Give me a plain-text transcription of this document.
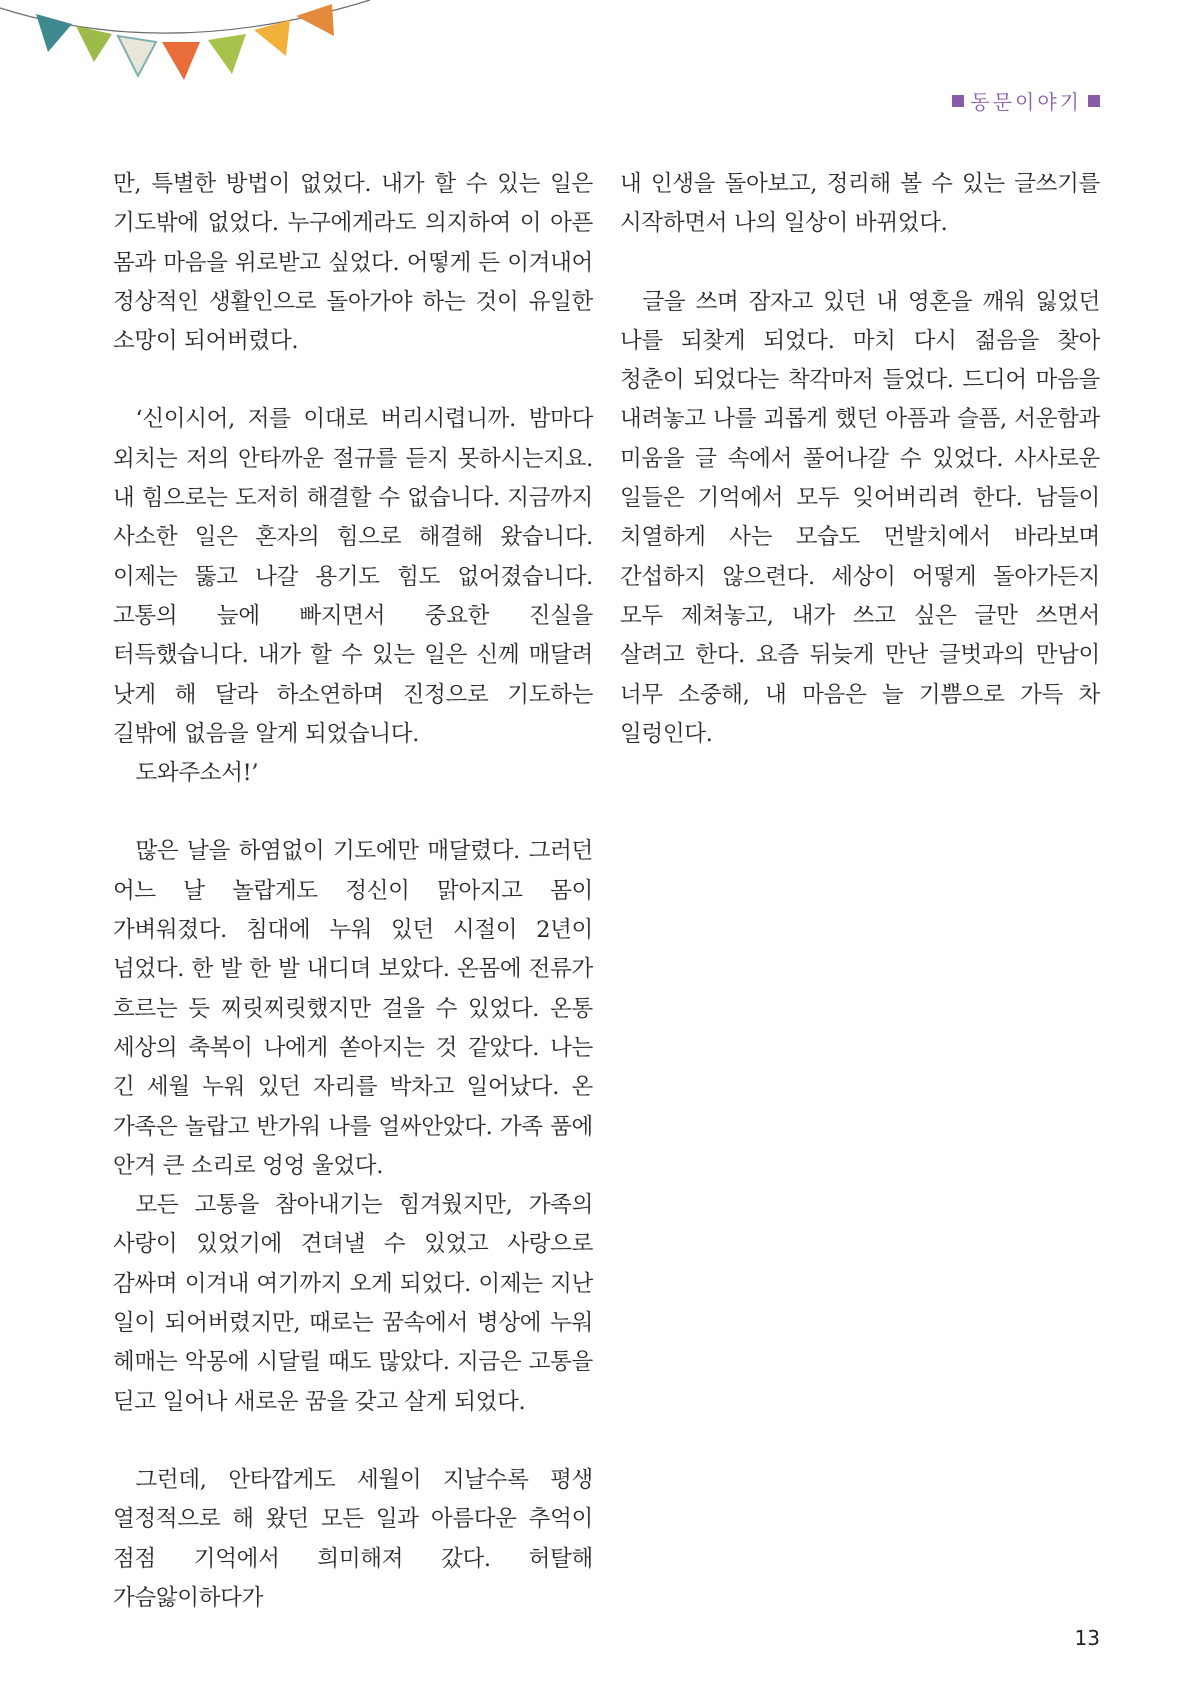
동문이야기

만, 특별한 방법이 없었다. 내가 할 수 있는 일은 기도밖에 없었다. 누구에게라도 의지하여 이 아픈 몸과 마음을 위로받고 싶었다. 어떻게 든 이겨내어 정상적인 생활인으로 돌아가야 하는 것이 유일한 소망이 되어버렸다.

‘신이시어, 저를 이대로 버리시렵니까. 밤마다 외치는 저의 안타까운 절규를 듣지 못하시는지요. 내 힘으로는 도저히 해결할 수 없습니다. 지금까지 사소한 일은 혼자의 힘으로 해결해 왔습니다. 이제는 뚫고 나갈 용기도 힘도 없어졌습니다. 고통의 늪에 빠지면서 중요한 진실을 터득했습니다. 내가 할 수 있는 일은 신께 매달려 낫게 해 달라 하소연하며 진정으로 기도하는 길밖에 없음을 알게 되었습니다.

도와주소서!’

많은 날을 하염없이 기도에만 매달렸다. 그러던 어느 날 놀랍게도 정신이 맑아지고 몸이 가벼워졌다. 침대에 누워 있던 시절이 2년이 넘었다. 한 발 한 발 내디뎌 보았다. 온몸에 전류가 흐르는 듯 찌릿찌릿했지만 걸을 수 있었다. 온통 세상의 축복이 나에게 쏟아지는 것 같았다. 나는 긴 세월 누워 있던 자리를 박차고 일어났다. 온 가족은 놀랍고 반가워 나를 얼싸안았다. 가족 품에 안겨 큰 소리로 엉엉 울었다.

모든 고통을 참아내기는 힘겨웠지만, 가족의 사랑이 있었기에 견뎌낼 수 있었고 사랑으로 감싸며 이겨내 여기까지 오게 되었다. 이제는 지난 일이 되어버렸지만, 때로는 꿈속에서 병상에 누워 헤매는 악몽에 시달릴 때도 많았다. 지금은 고통을 딛고 일어나 새로운 꿈을 갖고 살게 되었다.

그런데, 안타깝게도 세월이 지날수록 평생 열정적으로 해 왔던 모든 일과 아름다운 추억이 점점 기억에서 희미해져 갔다. 허탈해 가슴앓이하다가

내 인생을 돌아보고, 정리해 볼 수 있는 글쓰기를 시작하면서 나의 일상이 바뀌었다.

글을 쓰며 잠자고 있던 내 영혼을 깨워 잃었던 나를 되찾게 되었다. 마치 다시 젊음을 찾아 청춘이 되었다는 착각마저 들었다. 드디어 마음을 내려놓고 나를 괴롭게 했던 아픔과 슬픔, 서운함과 미움을 글 속에서 풀어나갈 수 있었다. 사사로운 일들은 기억에서 모두 잊어버리려 한다. 남들이 치열하게 사는 모습도 먼발치에서 바라보며 간섭하지 않으련다. 세상이 어떻게 돌아가든지 모두 제쳐놓고, 내가 쓰고 싶은 글만 쓰면서 살려고 한다. 요즘 뒤늦게 만난 글벗과의 만남이 너무 소중해, 내 마음은 늘 기쁨으로 가득 차 일렁인다.

13
